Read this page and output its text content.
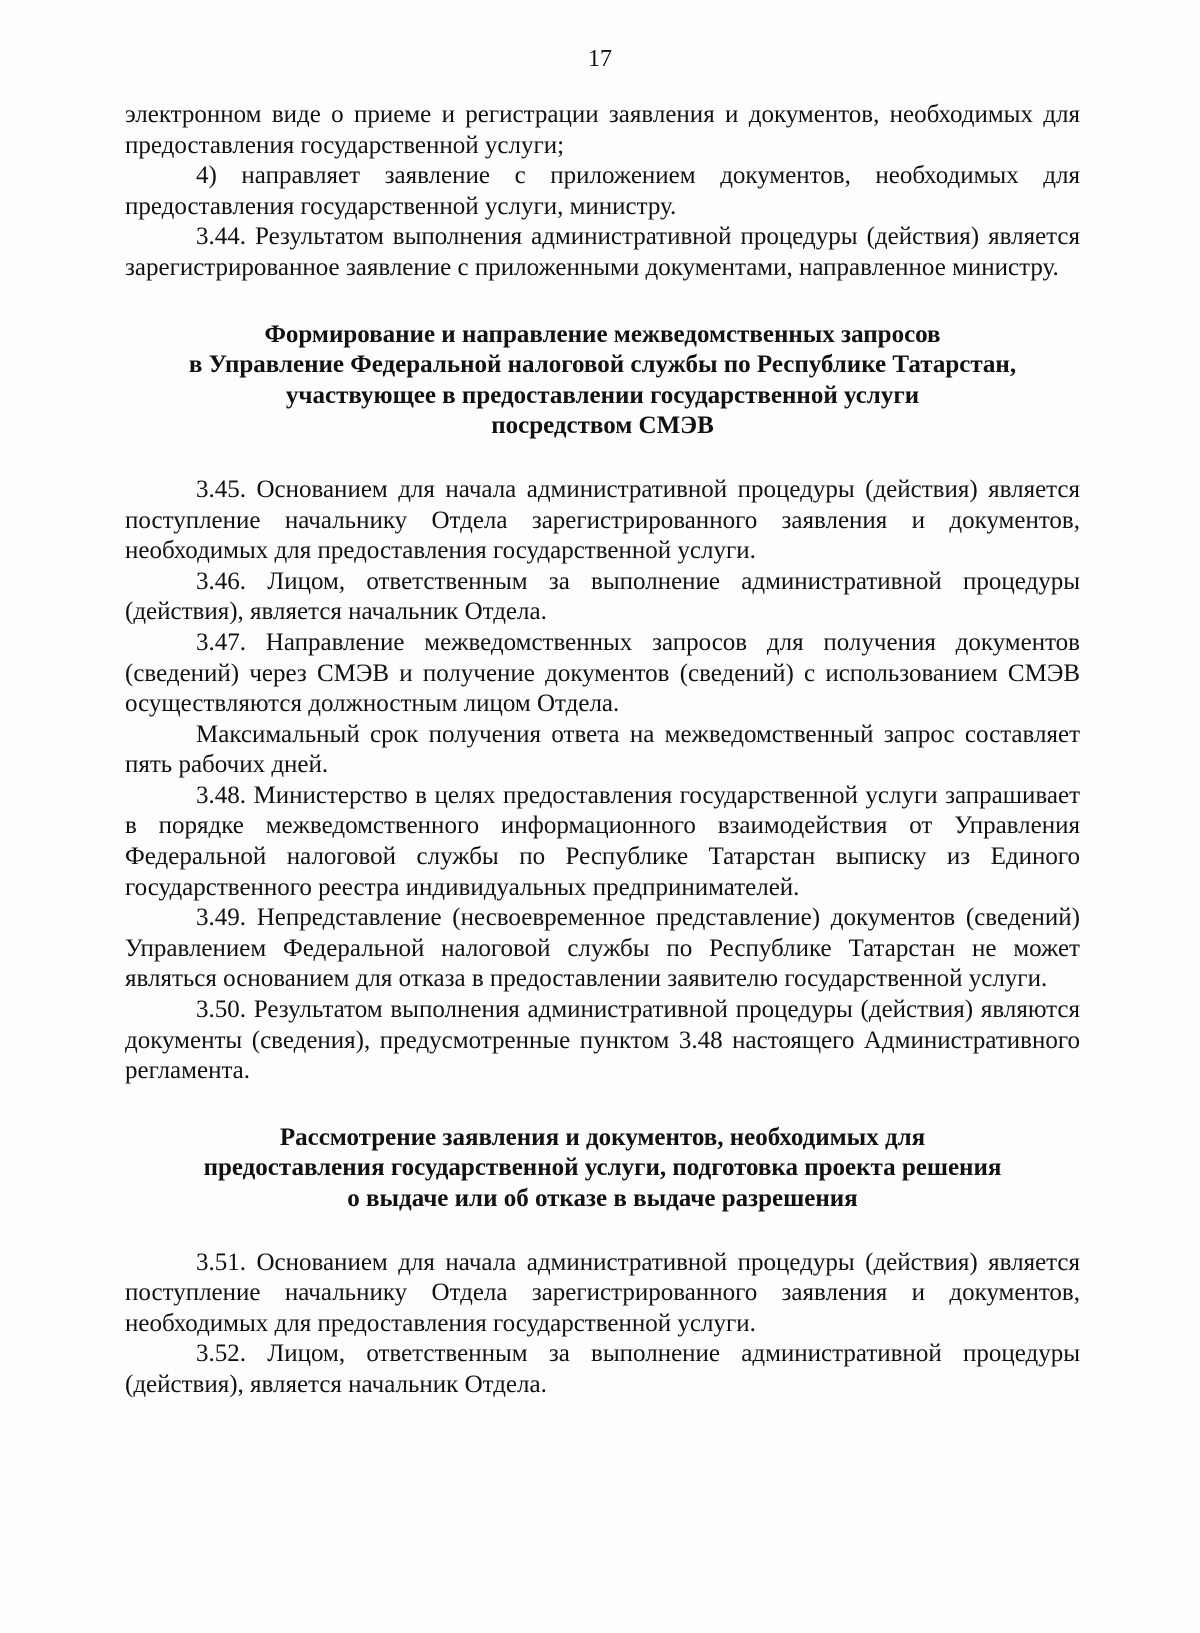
17

электронном виде о приеме и регистрации заявления и документов, необходимых для предоставления государственной услуги;

4) направляет заявление с приложением документов, необходимых для предоставления государственной услуги, министру.

3.44. Результатом выполнения административной процедуры (действия) является зарегистрированное заявление с приложенными документами, направленное министру.

Формирование и направление межведомственных запросов
в Управление Федеральной налоговой службы по Республике Татарстан,
участвующее в предоставлении государственной услуги
посредством СМЭВ

3.45. Основанием для начала административной процедуры (действия) является поступление начальнику Отдела зарегистрированного заявления и документов, необходимых для предоставления государственной услуги.

3.46. Лицом, ответственным за выполнение административной процедуры (действия), является начальник Отдела.

3.47. Направление межведомственных запросов для получения документов (сведений) через СМЭВ и получение документов (сведений) с использованием СМЭВ осуществляются должностным лицом Отдела.

Максимальный срок получения ответа на межведомственный запрос составляет пять рабочих дней.

3.48. Министерство в целях предоставления государственной услуги запрашивает в порядке межведомственного информационного взаимодействия от Управления Федеральной налоговой службы по Республике Татарстан выписку из Единого государственного реестра индивидуальных предпринимателей.

3.49. Непредставление (несвоевременное представление) документов (сведений) Управлением Федеральной налоговой службы по Республике Татарстан не может являться основанием для отказа в предоставлении заявителю государственной услуги.

3.50. Результатом выполнения административной процедуры (действия) являются документы (сведения), предусмотренные пунктом 3.48 настоящего Административного регламента.

Рассмотрение заявления и документов, необходимых для
предоставления государственной услуги, подготовка проекта решения
о выдаче или об отказе в выдаче разрешения

3.51. Основанием для начала административной процедуры (действия) является поступление начальнику Отдела зарегистрированного заявления и документов, необходимых для предоставления государственной услуги.

3.52. Лицом, ответственным за выполнение административной процедуры (действия), является начальник Отдела.
